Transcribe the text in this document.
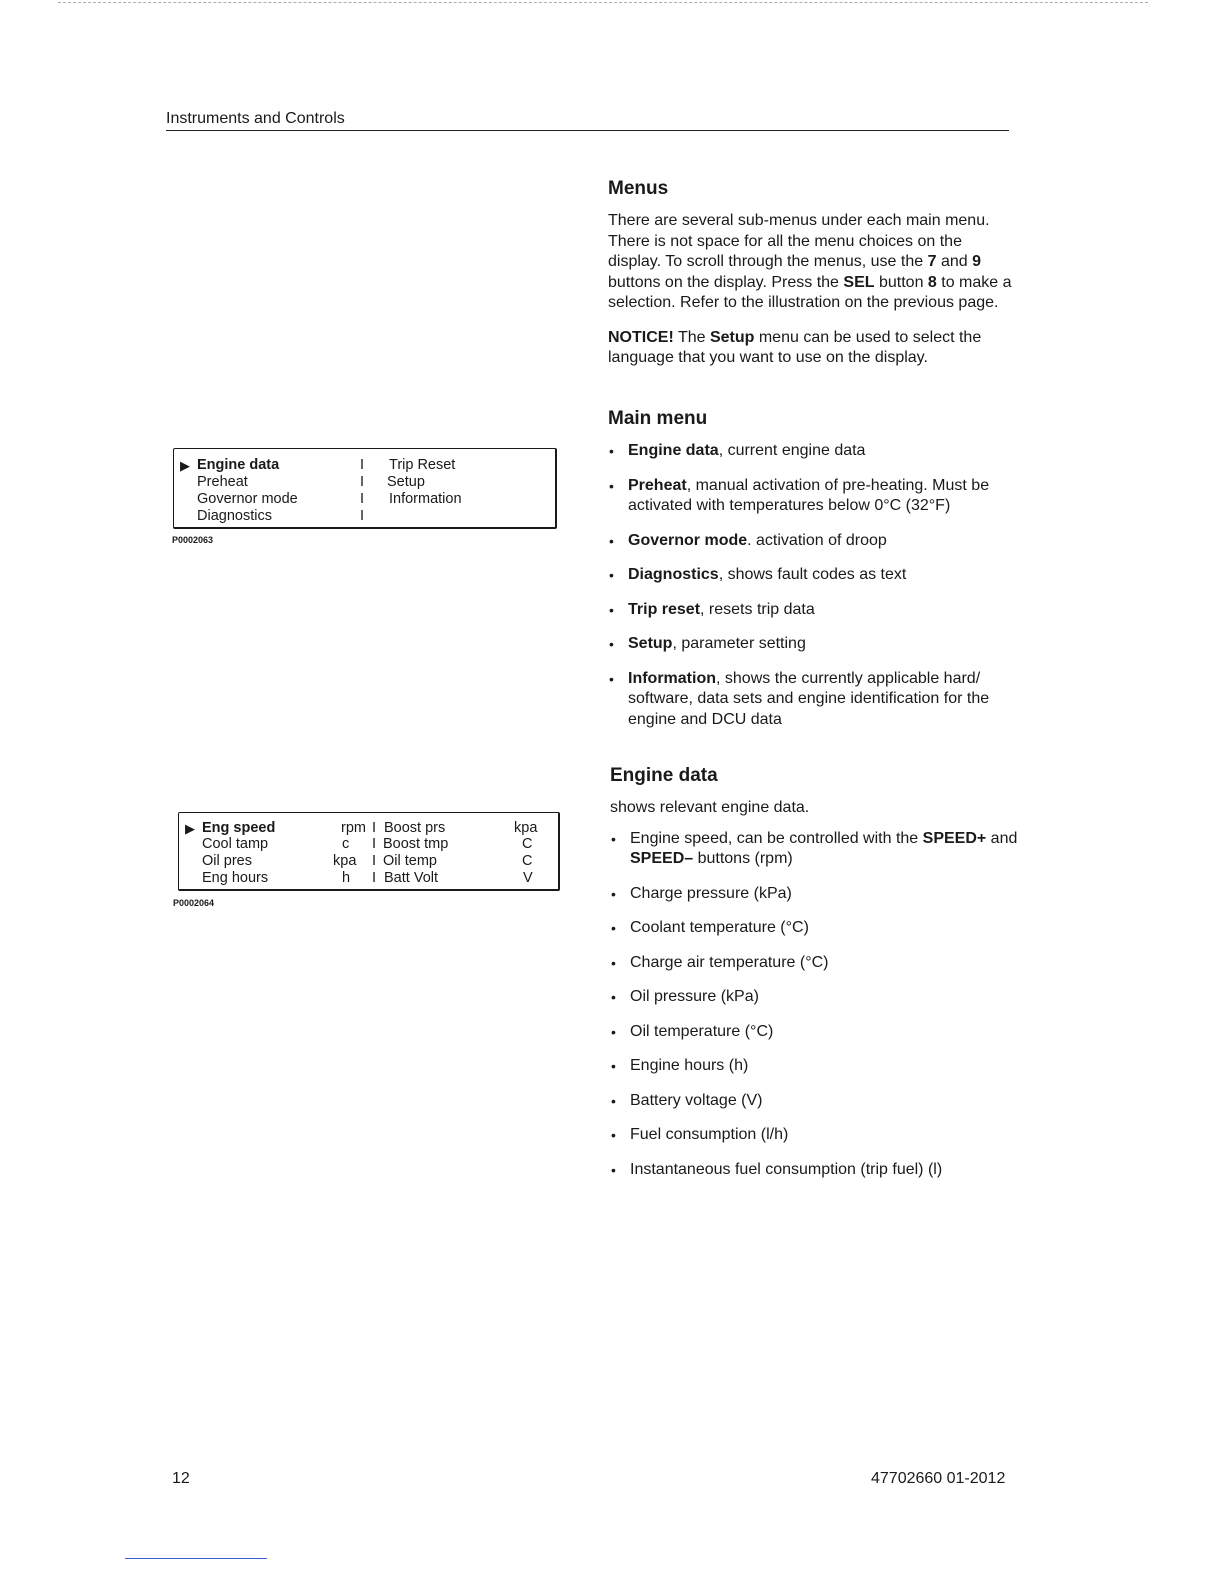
Instruments and Controls
▶ Engine data
Preheat
Governor mode
Diagnostics
I
I
I
I
Trip Reset
Setup
Information
P0002063
▶ Eng speed
Cool tamp
Oil pres
Eng hours
rpm
c
kpa
h
I
I
I
I
Boost prs
Boost tmp
Oil temp
Batt Volt
kpa
C
C
V
P0002064
Menus

There are several sub-menus under each main menu. There is not space for all the menu choices on the display. To scroll through the menus, use the 7 and 9 buttons on the display. Press the SEL button 8 to make a selection. Refer to the illustration on the previous page.

NOTICE! The Setup menu can be used to select the language that you want to use on the display.

Main menu
• Engine data, current engine data
• Preheat, manual activation of pre-heating. Must be activated with temperatures below 0°C (32°F)
• Governor mode. activation of droop
• Diagnostics, shows fault codes as text
• Trip reset, resets trip data
• Setup, parameter setting
• Information, shows the currently applicable hard/ software, data sets and engine identification for the engine and DCU data
Engine data

shows relevant engine data.

• Engine speed, can be controlled with the SPEED+ and SPEED– buttons (rpm)
• Charge pressure (kPa)
• Coolant temperature (°C)
• Charge air temperature (°C)
• Oil pressure (kPa)
• Oil temperature (°C)
• Engine hours (h)
• Battery voltage (V)
• Fuel consumption (l/h)
• Instantaneous fuel consumption (trip fuel) (l)
12	47702660 01-2012
